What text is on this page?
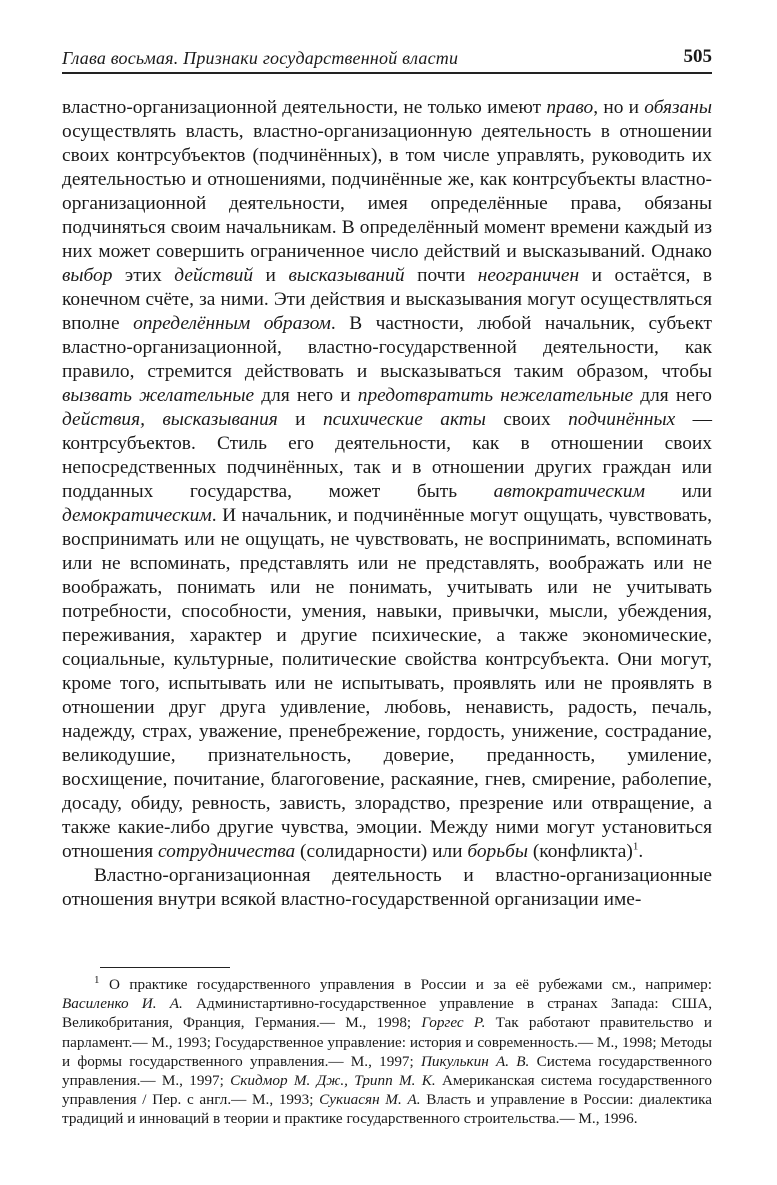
Глава восьмая. Признаки государственной власти	505

властно-организационной деятельности, не только имеют право, но и обязаны осуществлять власть, властно-организационную деятельность в отношении своих контрсубъектов (подчинённых), в том числе управлять, руководить их деятельностью и отношениями, подчинённые же, как контрсубъекты властно-организационной деятельности, имея определённые права, обязаны подчиняться своим начальникам. В определённый момент времени каждый из них может совершить ограниченное число действий и высказываний. Однако выбор этих действий и высказываний почти неограничен и остаётся, в конечном счёте, за ними. Эти действия и высказывания могут осуществляться вполне определённым образом. В частности, любой начальник, субъект властно-организационной, властно-государственной деятельности, как правило, стремится действовать и высказываться таким образом, чтобы вызвать желательные для него и предотвратить нежелательные для него действия, высказывания и психические акты своих подчинённых — контрсубъектов. Стиль его деятельности, как в отношении своих непосредственных подчинённых, так и в отношении других граждан или подданных государства, может быть автократическим или демократическим. И начальник, и подчинённые могут ощущать, чувствовать, воспринимать или не ощущать, не чувствовать, не воспринимать, вспоминать или не вспоминать, представлять или не представлять, воображать или не воображать, понимать или не понимать, учитывать или не учитывать потребности, способности, умения, навыки, привычки, мысли, убеждения, переживания, характер и другие психические, а также экономические, социальные, культурные, политические свойства контрсубъекта. Они могут, кроме того, испытывать или не испытывать, проявлять или не проявлять в отношении друг друга удивление, любовь, ненависть, радость, печаль, надежду, страх, уважение, пренебрежение, гордость, унижение, сострадание, великодушие, признательность, доверие, преданность, умиление, восхищение, почитание, благоговение, раскаяние, гнев, смирение, раболепие, досаду, обиду, ревность, зависть, злорадство, презрение или отвращение, а также какие-либо другие чувства, эмоции. Между ними могут установиться отношения сотрудничества (солидарности) или борьбы (конфликта)$^1$.

Властно-организационная деятельность и властно-организационные отношения внутри всякой властно-государственной организации име-

$^1$ О практике государственного управления в России и за её рубежами см., например: Василенко И. А. Администартивно-государственное управление в странах Запада: США, Великобритания, Франция, Германия.— М., 1998; Горгес Р. Так работают правительство и парламент.— М., 1993; Государственное управление: история и современность.— М., 1998; Методы и формы государственного управления.— М., 1997; Пикулькин А. В. Система государственного управления.— М., 1997; Скидмор М. Дж., Трипп М. К. Американская система государственного управления / Пер. с англ.— М., 1993; Сукиасян М. А. Власть и управление в России: диалектика традиций и инноваций в теории и практике государственного строительства.— М., 1996.
